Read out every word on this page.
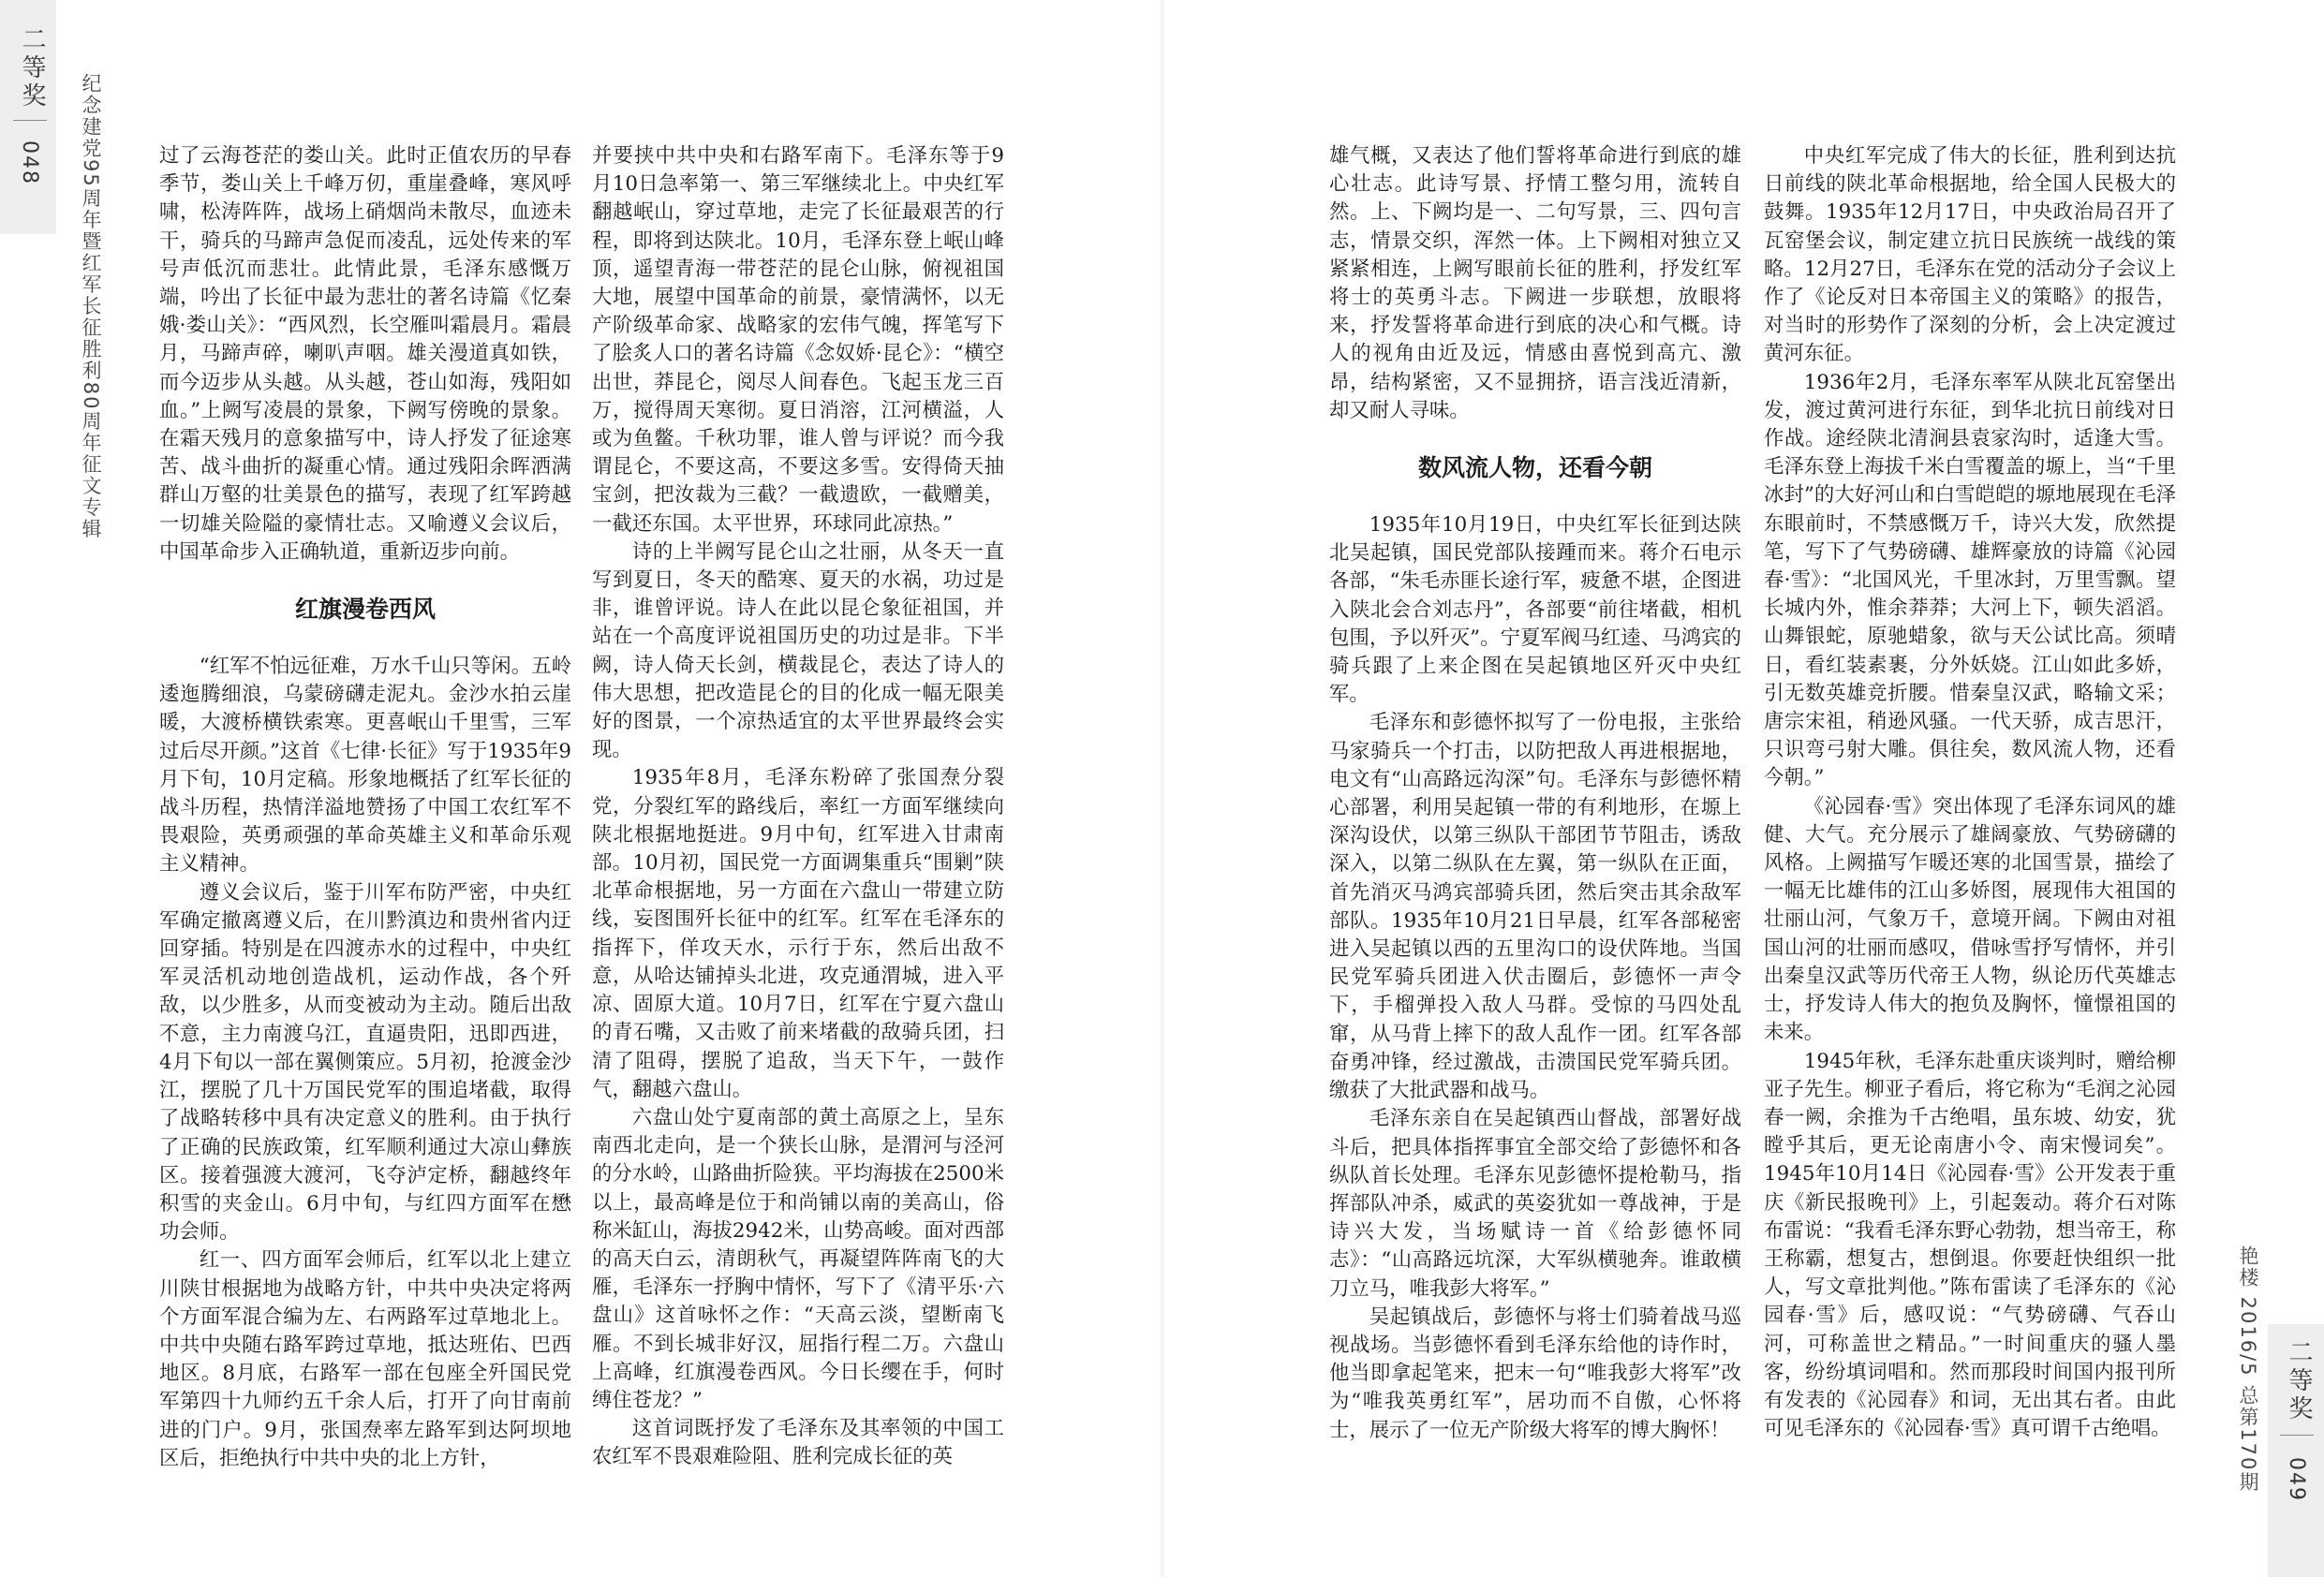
二等奖
048 纪念建党95周年暨红军长征胜利80周年征文专辑
艳楼 2016/5 总第170期 二等奖
049

过了云海苍茫的娄山关。此时正值农历的早春季节，娄山关上千峰万仞，重崖叠峰，寒风呼啸，松涛阵阵，战场上硝烟尚未散尽，血迹未干，骑兵的马蹄声急促而凌乱，远处传来的军号声低沉而悲壮。此情此景，毛泽东感慨万端，吟出了长征中最为悲壮的著名诗篇《忆秦娥·娄山关》：“西风烈，长空雁叫霜晨月。霜晨月，马蹄声碎，喇叭声咽。雄关漫道真如铁，而今迈步从头越。从头越，苍山如海，残阳如血。”上阙写凌晨的景象，下阙写傍晚的景象。在霜天残月的意象描写中，诗人抒发了征途寒苦、战斗曲折的凝重心情。通过残阳余晖洒满群山万壑的壮美景色的描写，表现了红军跨越一切雄关险隘的豪情壮志。又喻遵义会议后，中国革命步入正确轨道，重新迈步向前。

红旗漫卷西风

“红军不怕远征难，万水千山只等闲。五岭逶迤腾细浪，乌蒙磅礴走泥丸。金沙水拍云崖暖，大渡桥横铁索寒。更喜岷山千里雪，三军过后尽开颜。”这首《七律·长征》写于1935年9月下旬，10月定稿。形象地概括了红军长征的战斗历程，热情洋溢地赞扬了中国工农红军不畏艰险，英勇顽强的革命英雄主义和革命乐观主义精神。

遵义会议后，鉴于川军布防严密，中央红军确定撤离遵义后，在川黔滇边和贵州省内迂回穿插。特别是在四渡赤水的过程中，中央红军灵活机动地创造战机，运动作战，各个歼敌，以少胜多，从而变被动为主动。随后出敌不意，主力南渡乌江，直逼贵阳，迅即西进，4月下旬以一部在翼侧策应。5月初，抢渡金沙江，摆脱了几十万国民党军的围追堵截，取得了战略转移中具有决定意义的胜利。由于执行了正确的民族政策，红军顺利通过大凉山彝族区。接着强渡大渡河，飞夺泸定桥，翻越终年积雪的夹金山。6月中旬，与红四方面军在懋功会师。

红一、四方面军会师后，红军以北上建立川陕甘根据地为战略方针，中共中央决定将两个方面军混合编为左、右两路军过草地北上。中共中央随右路军跨过草地，抵达班佑、巴西地区。8月底，右路军一部在包座全歼国民党军第四十九师约五千余人后，打开了向甘南前进的门户。9月，张国焘率左路军到达阿坝地区后，拒绝执行中共中央的北上方针，

并要挟中共中央和右路军南下。毛泽东等于9月10日急率第一、第三军继续北上。中央红军翻越岷山，穿过草地，走完了长征最艰苦的行程，即将到达陕北。10月，毛泽东登上岷山峰顶，遥望青海一带苍茫的昆仑山脉，俯视祖国大地，展望中国革命的前景，豪情满怀，以无产阶级革命家、战略家的宏伟气魄，挥笔写下了脍炙人口的著名诗篇《念奴娇·昆仑》：“横空出世，莽昆仑，阅尽人间春色。飞起玉龙三百万，搅得周天寒彻。夏日消溶，江河横溢，人或为鱼鳖。千秋功罪，谁人曾与评说？而今我谓昆仑，不要这高，不要这多雪。安得倚天抽宝剑，把汝裁为三截？一截遗欧，一截赠美，一截还东国。太平世界，环球同此凉热。”

诗的上半阙写昆仑山之壮丽，从冬天一直写到夏日，冬天的酷寒、夏天的水祸，功过是非，谁曾评说。诗人在此以昆仑象征祖国，并站在一个高度评说祖国历史的功过是非。下半阙，诗人倚天长剑，横裁昆仑，表达了诗人的伟大思想，把改造昆仑的目的化成一幅无限美好的图景，一个凉热适宜的太平世界最终会实现。

1935年8月，毛泽东粉碎了张国焘分裂党，分裂红军的路线后，率红一方面军继续向陕北根据地挺进。9月中旬，红军进入甘肃南部。10月初，国民党一方面调集重兵“围剿”陕北革命根据地，另一方面在六盘山一带建立防线，妄图围歼长征中的红军。红军在毛泽东的指挥下，佯攻天水，示行于东，然后出敌不意，从哈达铺掉头北进，攻克通渭城，进入平凉、固原大道。10月7日，红军在宁夏六盘山的青石嘴，又击败了前来堵截的敌骑兵团，扫清了阻碍，摆脱了追敌，当天下午，一鼓作气，翻越六盘山。

六盘山处宁夏南部的黄土高原之上，呈东南西北走向，是一个狭长山脉，是渭河与泾河的分水岭，山路曲折险狭。平均海拔在2500米以上，最高峰是位于和尚铺以南的美高山，俗称米缸山，海拔2942米，山势高峻。面对西部的高天白云，清朗秋气，再凝望阵阵南飞的大雁，毛泽东一抒胸中情怀，写下了《清平乐·六盘山》这首咏怀之作：“天高云淡，望断南飞雁。不到长城非好汉，屈指行程二万。六盘山上高峰，红旗漫卷西风。今日长缨在手，何时缚住苍龙？”

这首词既抒发了毛泽东及其率领的中国工农红军不畏艰难险阻、胜利完成长征的英

雄气概，又表达了他们誓将革命进行到底的雄心壮志。此诗写景、抒情工整匀用，流转自然。上、下阙均是一、二句写景，三、四句言志，情景交织，浑然一体。上下阙相对独立又紧紧相连，上阙写眼前长征的胜利，抒发红军将士的英勇斗志。下阙进一步联想，放眼将来，抒发誓将革命进行到底的决心和气概。诗人的视角由近及远，情感由喜悦到高亢、激昂，结构紧密，又不显拥挤，语言浅近清新，却又耐人寻味。

数风流人物，还看今朝

1935年10月19日，中央红军长征到达陕北吴起镇，国民党部队接踵而来。蒋介石电示各部，“朱毛赤匪长途行军，疲惫不堪，企图进入陕北会合刘志丹”，各部要“前往堵截，相机包围，予以歼灭”。宁夏军阀马红逵、马鸿宾的骑兵跟了上来企图在吴起镇地区歼灭中央红军。

毛泽东和彭德怀拟写了一份电报，主张给马家骑兵一个打击，以防把敌人再进根据地，电文有“山高路远沟深”句。毛泽东与彭德怀精心部署，利用吴起镇一带的有利地形，在塬上深沟设伏，以第三纵队干部团节节阻击，诱敌深入，以第二纵队在左翼，第一纵队在正面，首先消灭马鸿宾部骑兵团，然后突击其余敌军部队。1935年10月21日早晨，红军各部秘密进入吴起镇以西的五里沟口的设伏阵地。当国民党军骑兵团进入伏击圈后，彭德怀一声令下，手榴弹投入敌人马群。受惊的马四处乱窜，从马背上摔下的敌人乱作一团。红军各部奋勇冲锋，经过激战，击溃国民党军骑兵团。缴获了大批武器和战马。

毛泽东亲自在吴起镇西山督战，部署好战斗后，把具体指挥事宜全部交给了彭德怀和各纵队首长处理。毛泽东见彭德怀提枪勒马，指挥部队冲杀，威武的英姿犹如一尊战神，于是诗兴大发，当场赋诗一首《给彭德怀同志》：“山高路远坑深，大军纵横驰奔。谁敢横刀立马，唯我彭大将军。”

吴起镇战后，彭德怀与将士们骑着战马巡视战场。当彭德怀看到毛泽东给他的诗作时，他当即拿起笔来，把末一句“唯我彭大将军”改为“唯我英勇红军”，居功而不自傲，心怀将士，展示了一位无产阶级大将军的博大胸怀！

中央红军完成了伟大的长征，胜利到达抗日前线的陕北革命根据地，给全国人民极大的鼓舞。1935年12月17日，中央政治局召开了瓦窑堡会议，制定建立抗日民族统一战线的策略。12月27日，毛泽东在党的活动分子会议上作了《论反对日本帝国主义的策略》的报告，对当时的形势作了深刻的分析，会上决定渡过黄河东征。

1936年2月，毛泽东率军从陕北瓦窑堡出发，渡过黄河进行东征，到华北抗日前线对日作战。途经陕北清涧县袁家沟时，适逢大雪。毛泽东登上海拔千米白雪覆盖的塬上，当“千里冰封”的大好河山和白雪皑皑的塬地展现在毛泽东眼前时，不禁感慨万千，诗兴大发，欣然提笔，写下了气势磅礴、雄辉豪放的诗篇《沁园春·雪》：“北国风光，千里冰封，万里雪飘。望长城内外，惟余莽莽；大河上下，顿失滔滔。山舞银蛇，原驰蜡象，欲与天公试比高。须晴日，看红装素裹，分外妖娆。江山如此多娇，引无数英雄竞折腰。惜秦皇汉武，略输文采；唐宗宋祖，稍逊风骚。一代天骄，成吉思汗，只识弯弓射大雕。俱往矣，数风流人物，还看今朝。”

《沁园春·雪》突出体现了毛泽东词风的雄健、大气。充分展示了雄阔豪放、气势磅礴的风格。上阙描写乍暖还寒的北国雪景，描绘了一幅无比雄伟的江山多娇图，展现伟大祖国的壮丽山河，气象万千，意境开阔。下阙由对祖国山河的壮丽而感叹，借咏雪抒写情怀，并引出秦皇汉武等历代帝王人物，纵论历代英雄志士，抒发诗人伟大的抱负及胸怀，憧憬祖国的未来。

1945年秋，毛泽东赴重庆谈判时，赠给柳亚子先生。柳亚子看后，将它称为“毛润之沁园春一阙，余推为千古绝唱，虽东坡、幼安，犹瞠乎其后，更无论南唐小令、南宋慢词矣”。1945年10月14日《沁园春·雪》公开发表于重庆《新民报晚刊》上，引起轰动。蒋介石对陈布雷说：“我看毛泽东野心勃勃，想当帝王，称王称霸，想复古，想倒退。你要赶快组织一批人，写文章批判他。”陈布雷读了毛泽东的《沁园春·雪》后，感叹说：“气势磅礴、气吞山河，可称盖世之精品。”一时间重庆的骚人墨客，纷纷填词唱和。然而那段时间国内报刊所有发表的《沁园春》和词，无出其右者。由此可见毛泽东的《沁园春·雪》真可谓千古绝唱。
